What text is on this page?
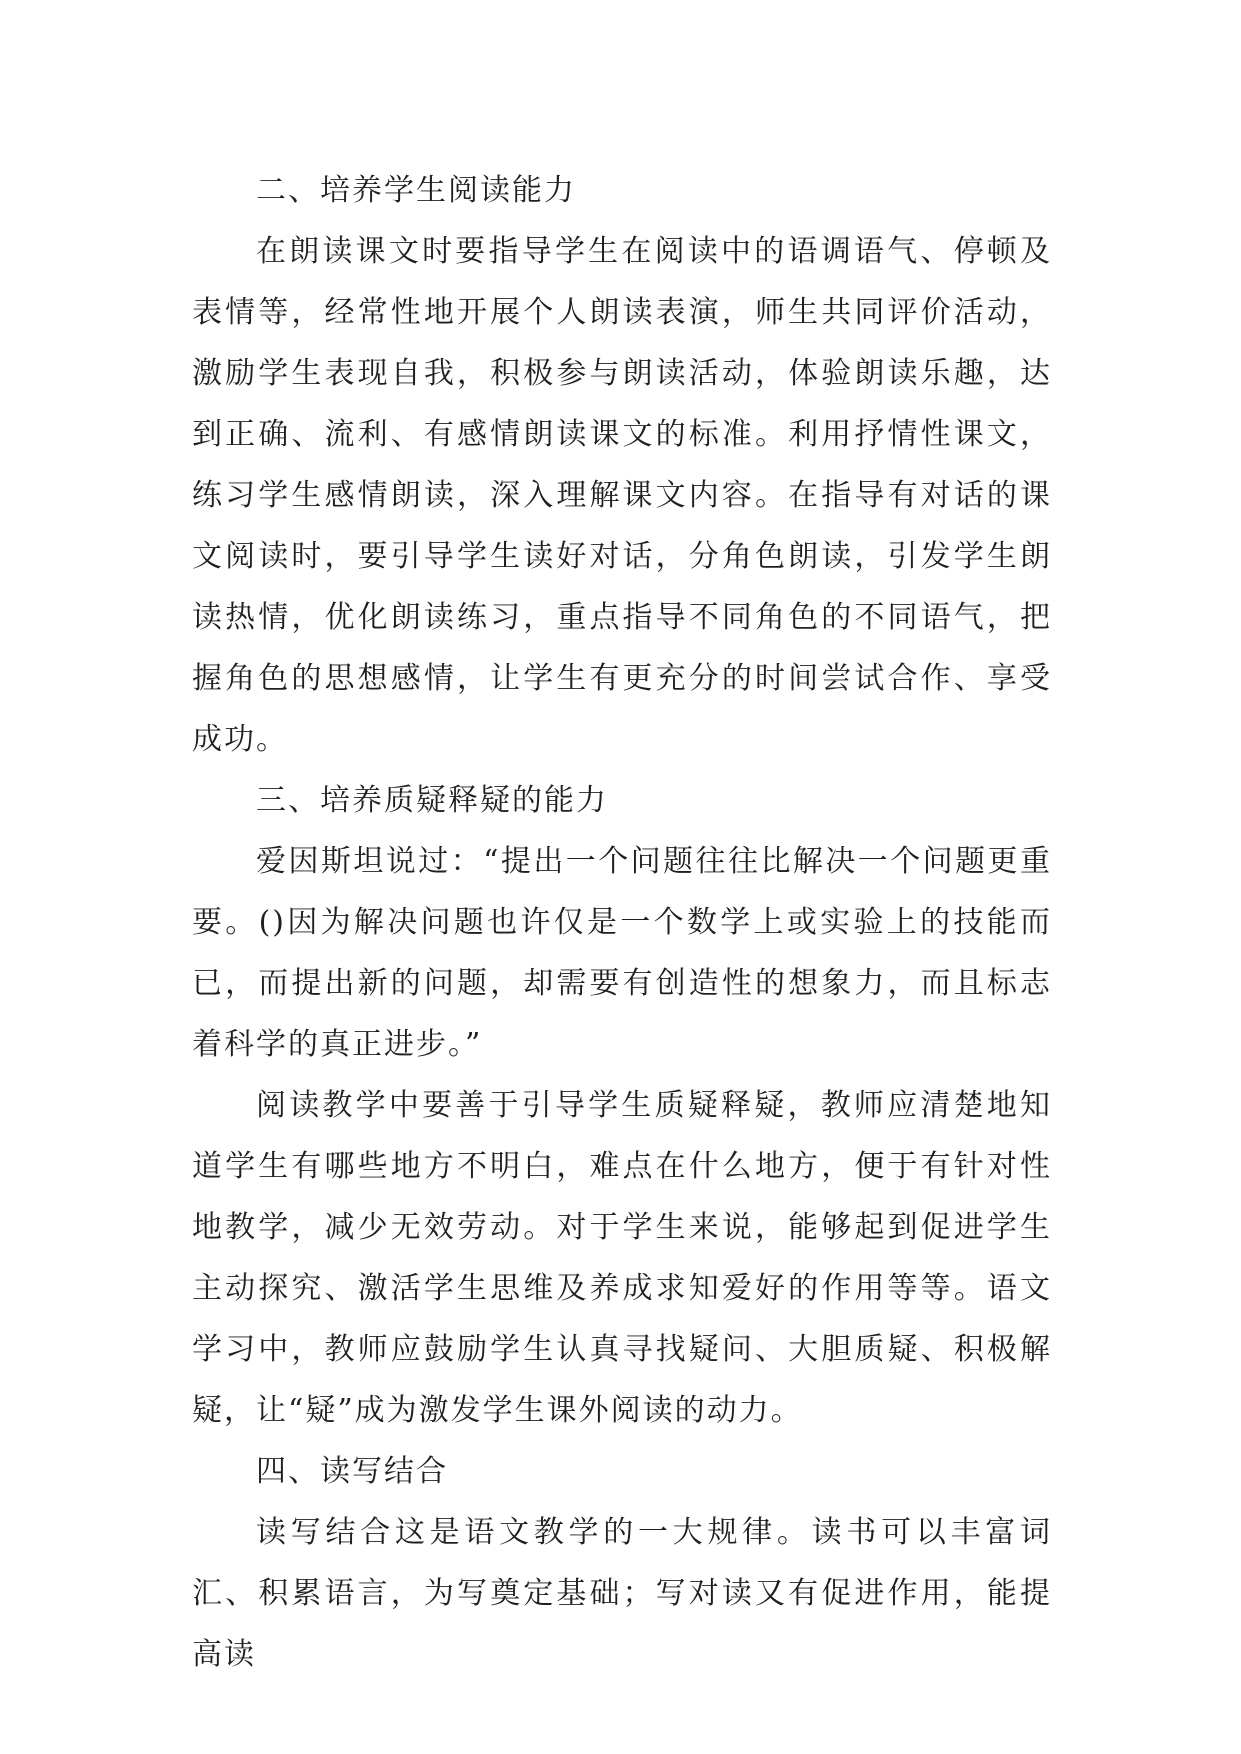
二、培养学生阅读能力

在朗读课文时要指导学生在阅读中的语调语气、停顿及表情等，经常性地开展个人朗读表演，师生共同评价活动，激励学生表现自我，积极参与朗读活动，体验朗读乐趣，达到正确、流利、有感情朗读课文的标准。利用抒情性课文，练习学生感情朗读，深入理解课文内容。在指导有对话的课文阅读时，要引导学生读好对话，分角色朗读，引发学生朗读热情，优化朗读练习，重点指导不同角色的不同语气，把握角色的思想感情，让学生有更充分的时间尝试合作、享受成功。

三、培养质疑释疑的能力

爱因斯坦说过：“提出一个问题往往比解决一个问题更重要。()因为解决问题也许仅是一个数学上或实验上的技能而已，而提出新的问题，却需要有创造性的想象力，而且标志着科学的真正进步。”

阅读教学中要善于引导学生质疑释疑，教师应清楚地知道学生有哪些地方不明白，难点在什么地方，便于有针对性地教学，减少无效劳动。对于学生来说，能够起到促进学生主动探究、激活学生思维及养成求知爱好的作用等等。语文学习中，教师应鼓励学生认真寻找疑问、大胆质疑、积极解疑，让“疑”成为激发学生课外阅读的动力。

四、读写结合

读写结合这是语文教学的一大规律。读书可以丰富词汇、积累语言，为写奠定基础；写对读又有促进作用，能提高读
